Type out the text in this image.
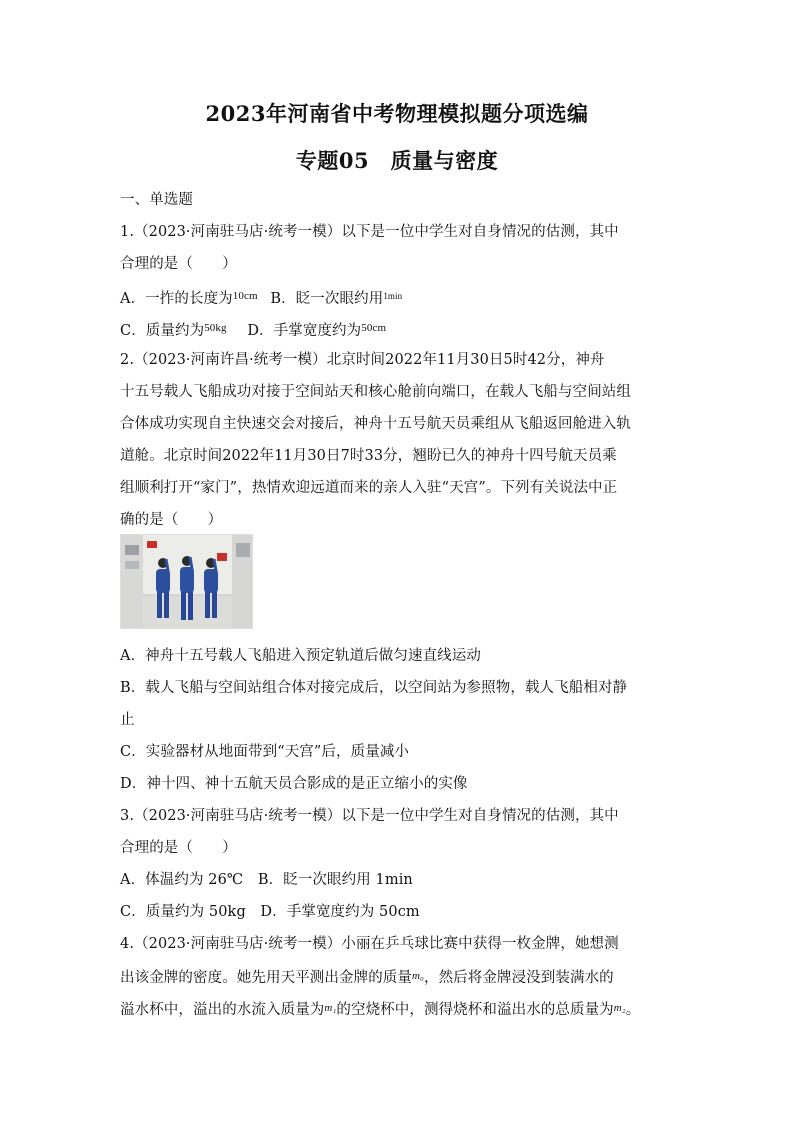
2023年河南省中考物理模拟题分项选编
专题05　质量与密度
一、单选题
1.（2023·河南驻马店·统考一模）以下是一位中学生对自身情况的估测，其中
合理的是（　　）
A．一拃的长度为10cm B．眨一次眼约用1min
C．质量约为50kg D．手掌宽度约为50cm
2.（2023·河南许昌·统考一模）北京时间2022年11月30日5时42分，神舟
十五号载人飞船成功对接于空间站天和核心舱前向端口，在载人飞船与空间站组
合体成功实现自主快速交会对接后，神舟十五号航天员乘组从飞船返回舱进入轨
道舱。北京时间2022年11月30日7时33分，翘盼已久的神舟十四号航天员乘
组顺利打开“家门”，热情欢迎远道而来的亲人入驻“天宫”。下列有关说法中正
确的是（　　）
A．神舟十五号载人飞船进入预定轨道后做匀速直线运动
B．载人飞船与空间站组合体对接完成后，以空间站为参照物，载人飞船相对静
止
C．实验器材从地面带到“天宫”后，质量减小
D．神十四、神十五航天员合影成的是正立缩小的实像
3.（2023·河南驻马店·统考一模）以下是一位中学生对自身情况的估测，其中
合理的是（　　）
A．体温约为 26℃　B．眨一次眼约用 1min
C．质量约为 50kg　D．手掌宽度约为 50cm
4.（2023·河南驻马店·统考一模）小丽在乒乓球比赛中获得一枚金牌，她想测
出该金牌的密度。她先用天平测出金牌的质量$^{m_0}$，然后将金牌浸没到装满水的
溢水杯中，溢出的水流入质量为$^{m_1}$的空烧杯中，测得烧杯和溢出水的总质量为$^{m_2}$。
